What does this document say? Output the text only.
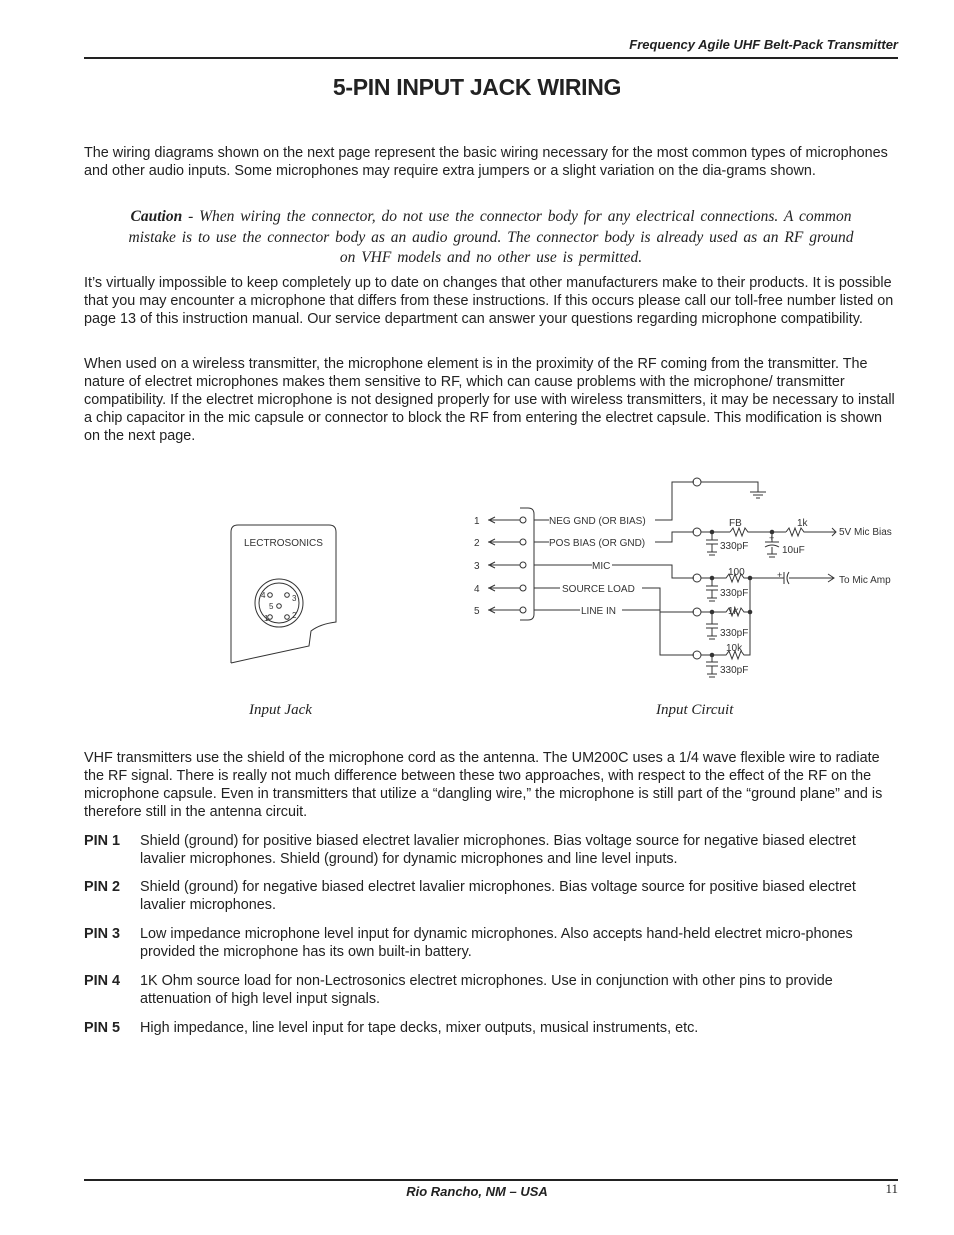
Frequency Agile UHF Belt-Pack Transmitter
5-PIN INPUT JACK WIRING

The wiring diagrams shown on the next page represent the basic wiring necessary for the most common types of microphones and other audio inputs. Some microphones may require extra jumpers or a slight variation on the dia-grams shown.

Caution - When wiring the connector, do not use the connector body for any electrical connections. A common mistake is to use the connector body as an audio ground. The connector body is already used as an RF ground on VHF models and no other use is permitted.

It’s virtually impossible to keep completely up to date on changes that other manufacturers make to their products. It is possible that you may encounter a microphone that differs from these instructions. If this occurs please call our toll-free number listed on page 13 of this instruction manual. Our service department can answer your questions regarding microphone compatibility.

When used on a wireless transmitter, the microphone element is in the proximity of the RF coming from the transmitter. The nature of electret microphones makes them sensitive to RF, which can cause problems with the microphone/ transmitter compatibility. If the electret microphone is not designed properly for use with wireless transmitters, it may be necessary to install a chip capacitor in the mic capsule or connector to block the RF from entering the electret capsule. This modification is shown on the next page.

LECTROSONICS
4	3
5
1	2
1
2
3
4
5
NEG GND (OR BIAS)
POS BIAS (OR GND)
MIC
SOURCE LOAD
LINE IN
FB	1k
5V Mic Bias
10uF
+
+
330pF
100
To Mic Amp
330pF
1k
330pF
10k
330pF
Input Jack	Input Circuit

VHF transmitters use the shield of the microphone cord as the antenna. The UM200C uses a 1/4 wave flexible wire to radiate the RF signal. There is really not much difference between these two approaches, with respect to the effect of the RF on the microphone capsule. Even in transmitters that utilize a “dangling wire,” the microphone is still part of the “ground plane” and is therefore still in the antenna circuit.

PIN 1	Shield (ground) for positive biased electret lavalier microphones. Bias voltage source for negative biased electret lavalier microphones. Shield (ground) for dynamic microphones and line level inputs.
PIN 2	Shield (ground) for negative biased electret lavalier microphones. Bias voltage source for positive biased electret lavalier microphones.
PIN 3	Low impedance microphone level input for dynamic microphones. Also accepts hand-held electret micro-phones provided the microphone has its own built-in battery.
PIN 4	1K Ohm source load for non-Lectrosonics electret microphones. Use in conjunction with other pins to provide attenuation of high level input signals.
PIN 5	High impedance, line level input for tape decks, mixer outputs, musical instruments, etc.
Rio Rancho, NM – USA	11
